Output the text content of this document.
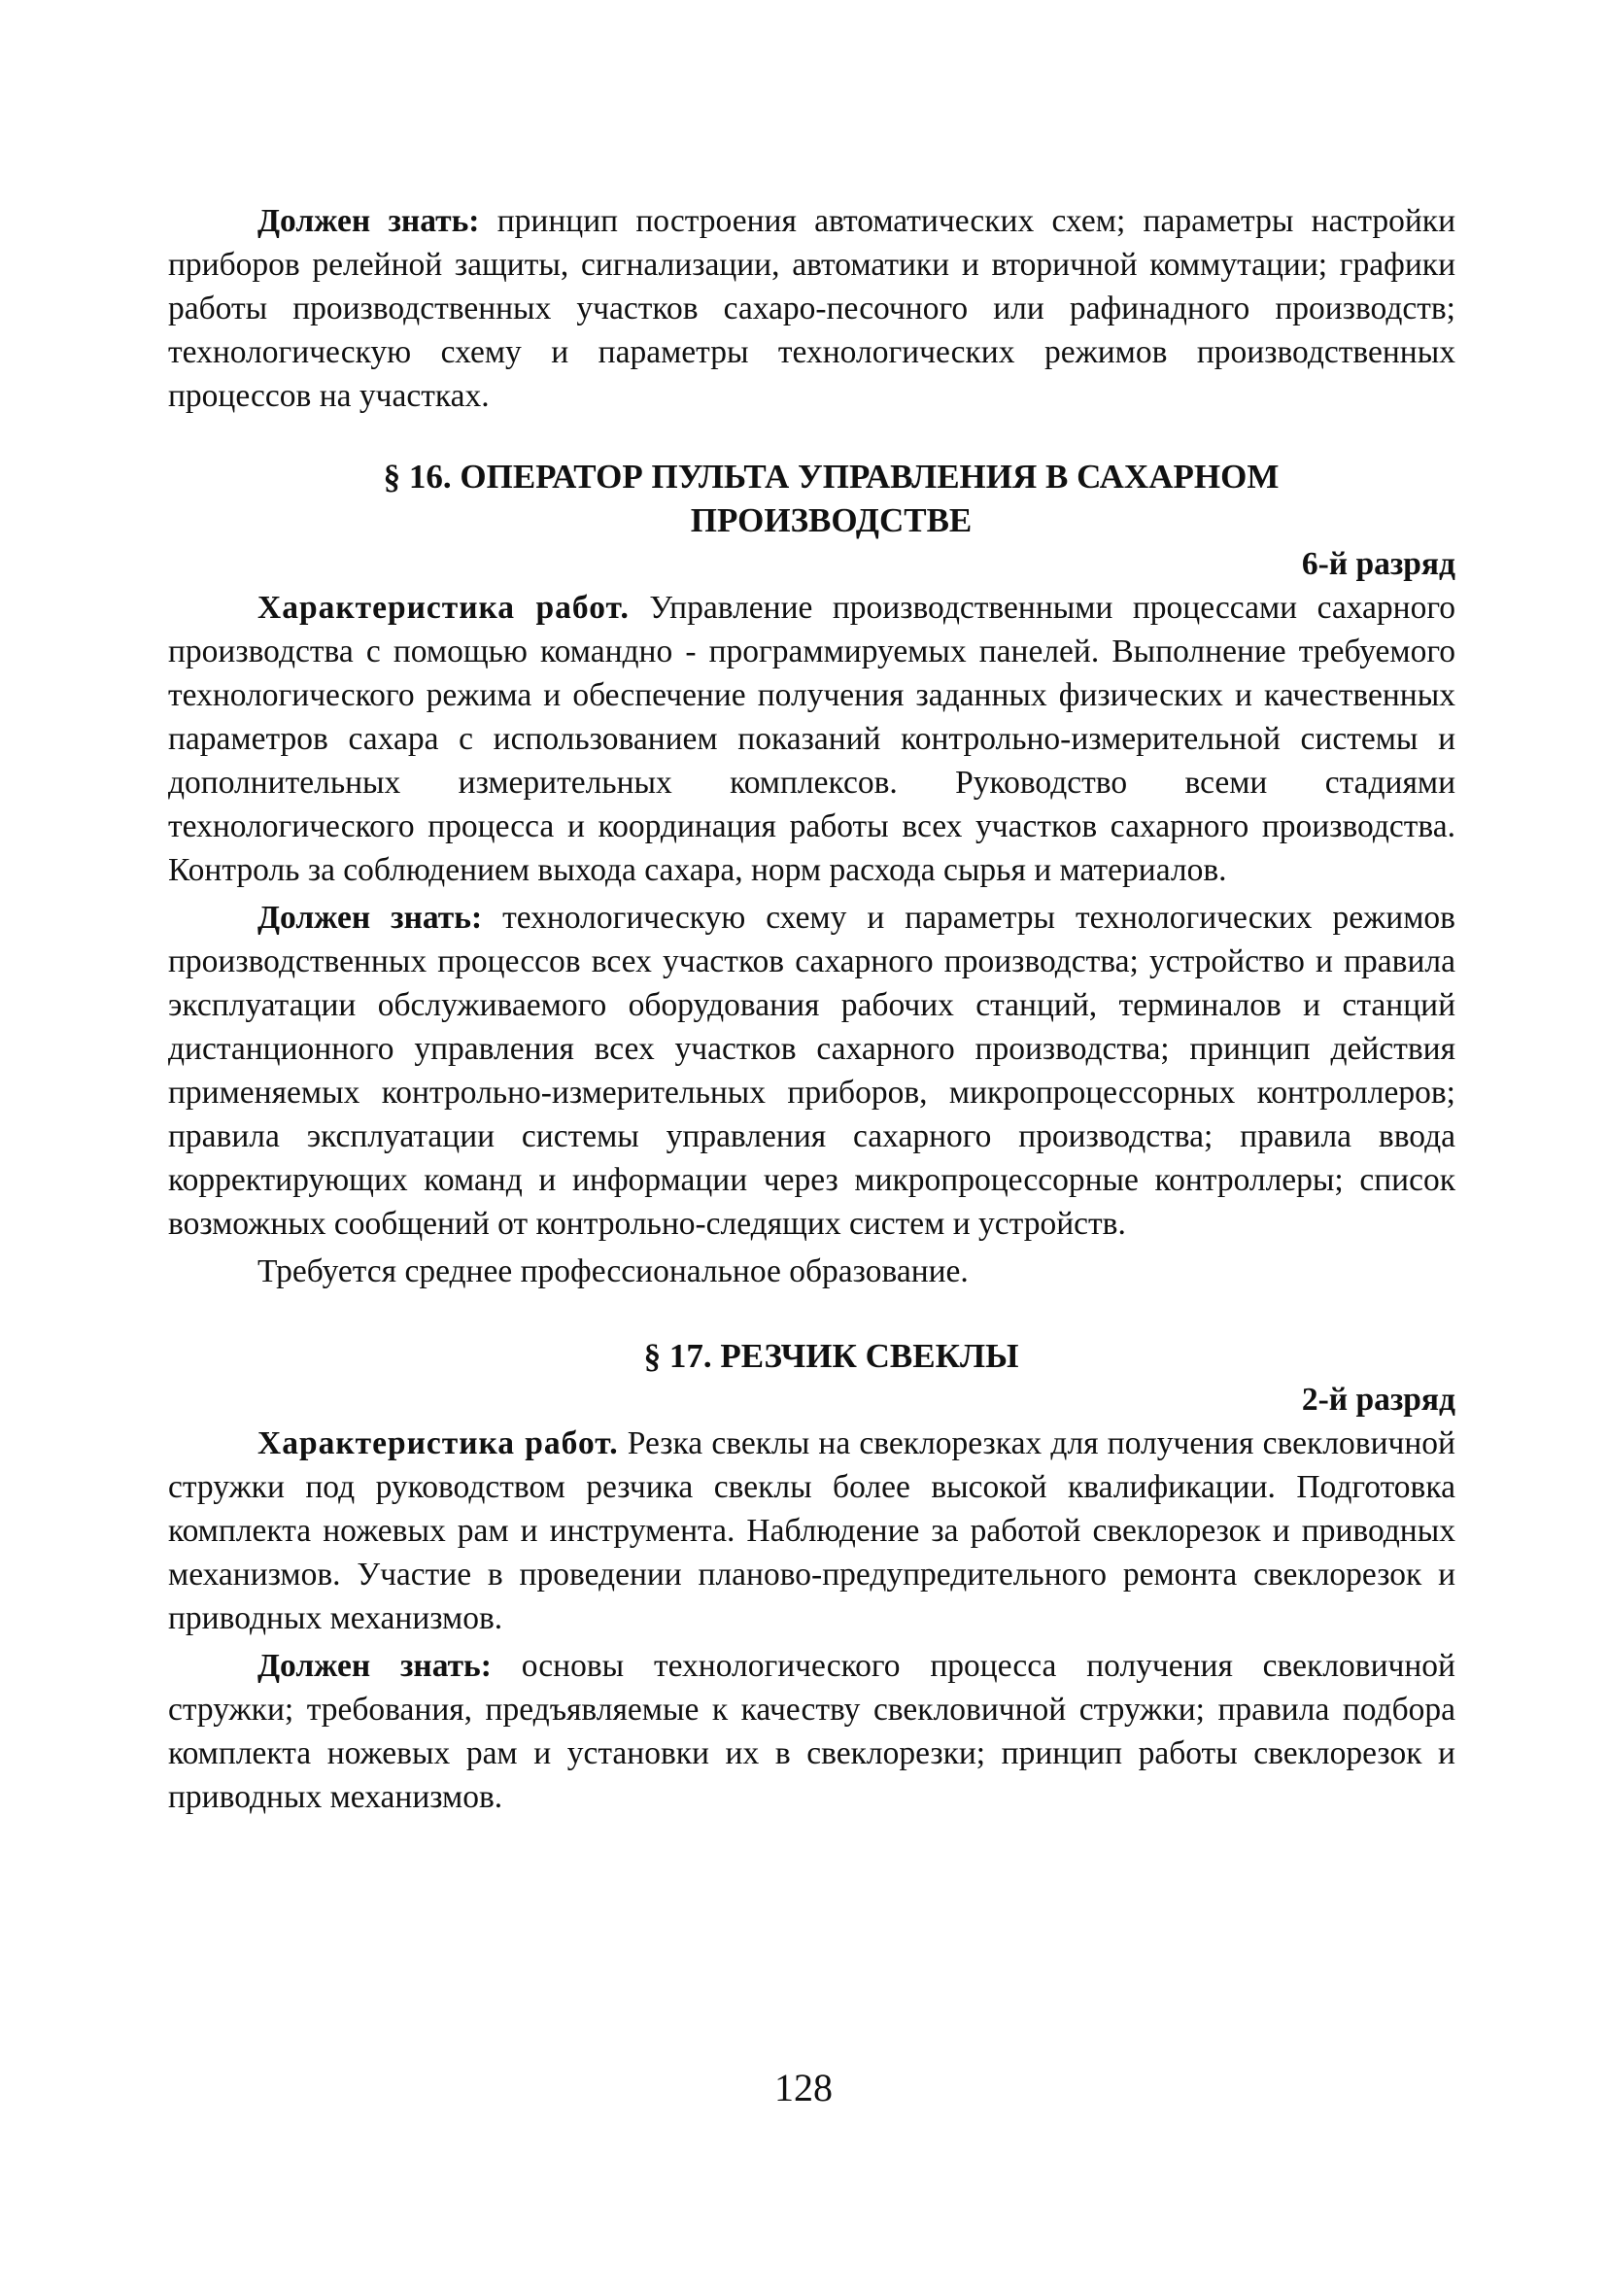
Должен знать: принцип построения автоматических схем; параметры настройки приборов релейной защиты, сигнализации, автоматики и вторичной коммутации; графики работы производственных участков сахаро-песочного или рафинадного производств; технологическую схему и параметры технологических режимов производственных процессов на участках.

§ 16. ОПЕРАТОР ПУЛЬТА УПРАВЛЕНИЯ В САХАРНОМ

ПРОИЗВОДСТВЕ

6-й разряд

Характеристика работ. Управление производственными процессами сахарного производства с помощью командно - программируемых панелей. Выполнение требуемого технологического режима и обеспечение получения заданных физических и качественных параметров сахара с использованием показаний контрольно-измерительной системы и дополнительных измерительных комплексов. Руководство всеми стадиями технологического процесса и координация работы всех участков сахарного производства. Контроль за соблюдением выхода сахара, норм расхода сырья и материалов.

Должен знать: технологическую схему и параметры технологических режимов производственных процессов всех участков сахарного производства; устройство и правила эксплуатации обслуживаемого оборудования рабочих станций, терминалов и станций дистанционного управления всех участков сахарного производства; принцип действия применяемых контрольно-измерительных приборов, микропроцессорных контроллеров; правила эксплуатации системы управления сахарного производства; правила ввода корректирующих команд и информации через микропроцессорные контроллеры; список возможных сообщений от контрольно-следящих систем и устройств.

Требуется среднее профессиональное образование.

§ 17. РЕЗЧИК СВЕКЛЫ

2-й разряд

Характеристика работ. Резка свеклы на свеклорезках для получения свекловичной стружки под руководством резчика свеклы более высокой квалификации. Подготовка комплекта ножевых рам и инструмента. Наблюдение за работой свеклорезок и приводных механизмов. Участие в проведении планово-предупредительного ремонта свеклорезок и приводных механизмов.

Должен знать: основы технологического процесса получения свекловичной стружки; требования, предъявляемые к качеству свекловичной стружки; правила подбора комплекта ножевых рам и установки их в свеклорезки; принцип работы свеклорезок и приводных механизмов.

128
